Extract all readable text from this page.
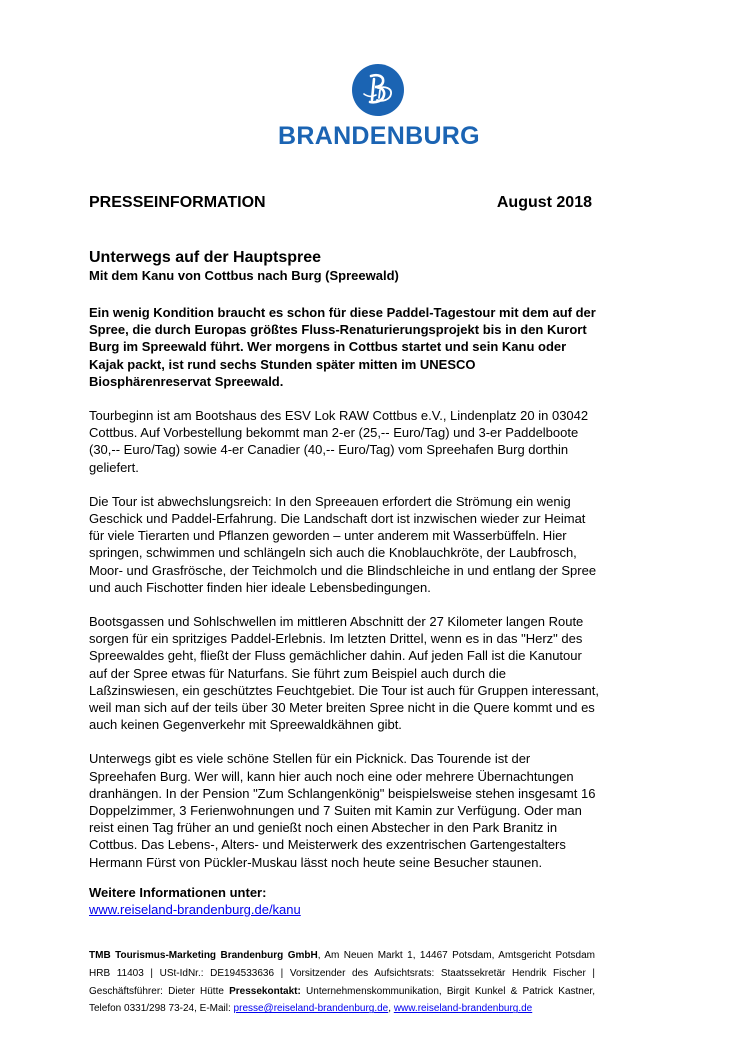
BRANDENBURG
PRESSEINFORMATION	August 2018
Unterwegs auf der Hauptspree
Mit dem Kanu von Cottbus nach Burg (Spreewald)

Ein wenig Kondition braucht es schon für diese Paddel-Tagestour mit dem auf der Spree, die durch Europas größtes Fluss-Renaturierungsprojekt bis in den Kurort Burg im Spreewald führt. Wer morgens in Cottbus startet und sein Kanu oder Kajak packt, ist rund sechs Stunden später mitten im UNESCO Biosphärenreservat Spreewald.

Tourbeginn ist am Bootshaus des ESV Lok RAW Cottbus e.V., Lindenplatz 20 in 03042 Cottbus. Auf Vorbestellung bekommt man 2-er (25,-- Euro/Tag) und 3-er Paddelboote (30,-- Euro/Tag) sowie 4-er Canadier (40,-- Euro/Tag) vom Spreehafen Burg dorthin geliefert.

Die Tour ist abwechslungsreich: In den Spreeauen erfordert die Strömung ein wenig Geschick und Paddel-Erfahrung. Die Landschaft dort ist inzwischen wieder zur Heimat für viele Tierarten und Pflanzen geworden – unter anderem mit Wasserbüffeln. Hier springen, schwimmen und schlängeln sich auch die Knoblauchkröte, der Laubfrosch, Moor- und Grasfrösche, der Teichmolch und die Blindschleiche in und entlang der Spree und auch Fischotter finden hier ideale Lebensbedingungen.

Bootsgassen und Sohlschwellen im mittleren Abschnitt der 27 Kilometer langen Route sorgen für ein spritziges Paddel-Erlebnis. Im letzten Drittel, wenn es in das "Herz" des Spreewaldes geht, fließt der Fluss gemächlicher dahin. Auf jeden Fall ist die Kanutour auf der Spree etwas für Naturfans. Sie führt zum Beispiel auch durch die Laßzinswiesen, ein geschütztes Feuchtgebiet. Die Tour ist auch für Gruppen interessant, weil man sich auf der teils über 30 Meter breiten Spree nicht in die Quere kommt und es auch keinen Gegenverkehr mit Spreewaldkähnen gibt.

Unterwegs gibt es viele schöne Stellen für ein Picknick. Das Tourende ist der Spreehafen Burg. Wer will, kann hier auch noch eine oder mehrere Übernachtungen dranhängen. In der Pension "Zum Schlangenkönig" beispielsweise stehen insgesamt 16 Doppelzimmer, 3 Ferienwohnungen und 7 Suiten mit Kamin zur Verfügung. Oder man reist einen Tag früher an und genießt noch einen Abstecher in den Park Branitz in Cottbus. Das Lebens-, Alters- und Meisterwerk des exzentrischen Gartengestalters Hermann Fürst von Pückler-Muskau lässt noch heute seine Besucher staunen.

Weitere Informationen unter:
www.reiseland-brandenburg.de/kanu
TMB Tourismus-Marketing Brandenburg GmbH, Am Neuen Markt 1, 14467 Potsdam, Amtsgericht Potsdam HRB 11403 | USt-IdNr.: DE194533636 | Vorsitzender des Aufsichtsrats: Staatssekretär Hendrik Fischer | Geschäftsführer: Dieter Hütte Pressekontakt: Unternehmenskommunikation, Birgit Kunkel & Patrick Kastner, Telefon 0331/298 73-24, E-Mail: presse@reiseland-brandenburg.de, www.reiseland-brandenburg.de
